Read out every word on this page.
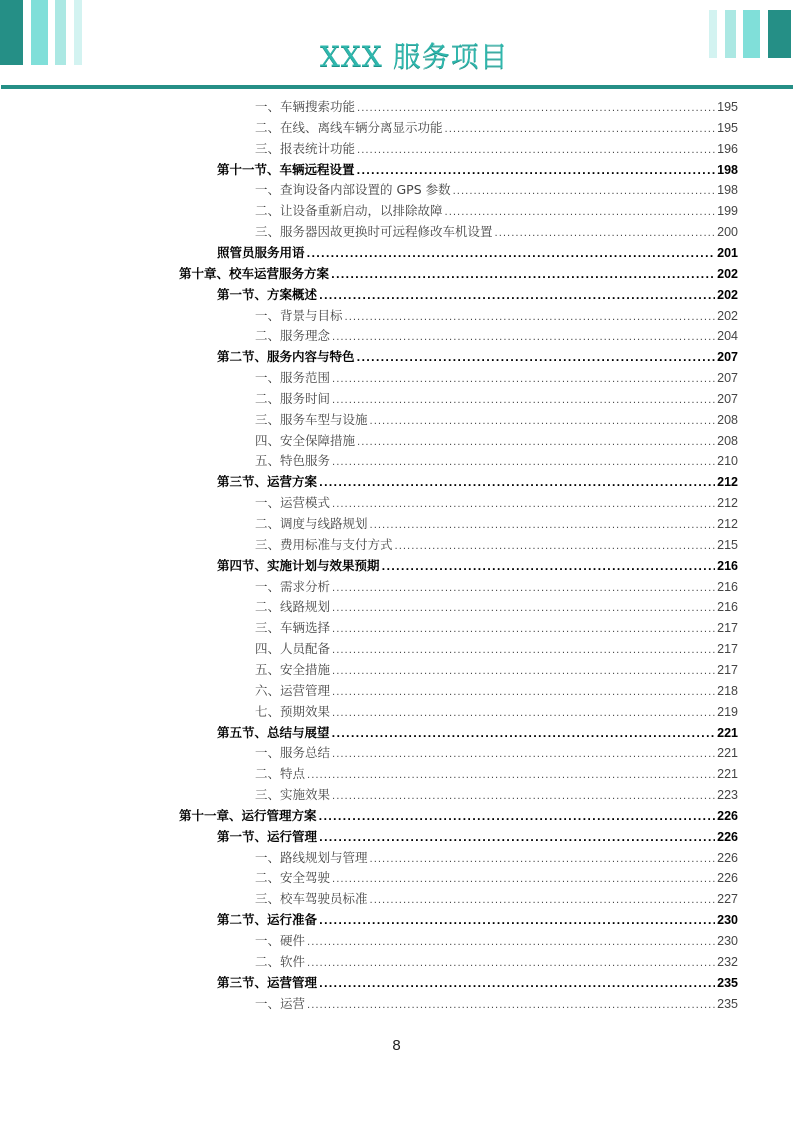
XXX 服务项目
一、车辆搜索功能 .....	195
二、在线、离线车辆分离显示功能 .....	195
三、报表统计功能 .....	196
第十一节、车辆远程设置 .....	198
一、查询设备内部设置的 GPS 参数 .....	198
二、让设备重新启动，以排除故障 .....	199
三、服务器因故更换时可远程修改车机设置 .....	200
照管员服务用语 .....	201
第十章、校车运营服务方案 .....	202
第一节、方案概述 .....	202
一、背景与目标 .....	202
二、服务理念 .....	204
第二节、服务内容与特色 .....	207
一、服务范围 .....	207
二、服务时间 .....	207
三、服务车型与设施 .....	208
四、安全保障措施 .....	208
五、特色服务 .....	210
第三节、运营方案 .....	212
一、运营模式 .....	212
二、调度与线路规划 .....	212
三、费用标准与支付方式 .....	215
第四节、实施计划与效果预期 .....	216
一、需求分析 .....	216
二、线路规划 .....	216
三、车辆选择 .....	217
四、人员配备 .....	217
五、安全措施 .....	217
六、运营管理 .....	218
七、预期效果 .....	219
第五节、总结与展望 .....	221
一、服务总结 .....	221
二、特点 .....	221
三、实施效果 .....	223
第十一章、运行管理方案 .....	226
第一节、运行管理 .....	226
一、路线规划与管理 .....	226
二、安全驾驶 .....	226
三、校车驾驶员标准 .....	227
第二节、运行准备 .....	230
一、硬件 .....	230
二、软件 .....	232
第三节、运营管理 .....	235
一、运营 .....	235
8
